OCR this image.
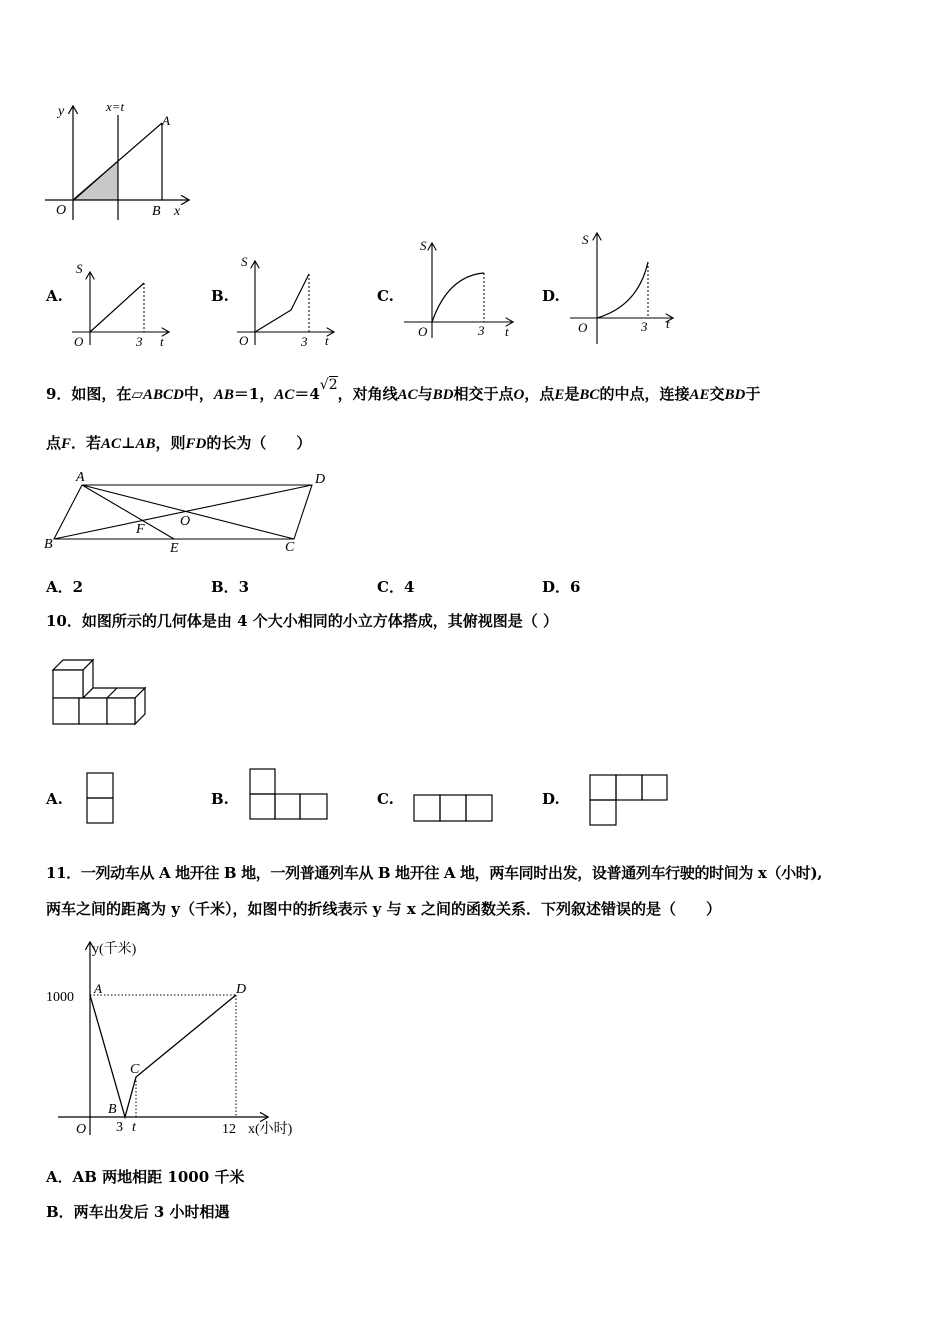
y	x=t
A
O	B x
A.
S
O	3 t
B.
S
O	3 t
C.
S
O	3 t
D.
S
O	3 t
9．如图，在▱ABCD中，AB＝1，AC＝4√2，对角线AC与BD相交于点O，点E是BC的中点，连接AE交BD于
点F．若AC⊥AB，则FD的长为（　　）
A	D
B	C
F
O
E
A．2	B．3	C．4	D．6
10．如图所示的几何体是由 4 个大小相同的小立方体搭成，其俯视图是（ ）
A.	B.	C.	D.
11．一列动车从 A 地开往 B 地，一列普通列车从 B 地开往 A 地，两车同时出发，设普通列车行驶的时间为 x（小时),
两车之间的距离为 y（千米），如图中的折线表示 y 与 x 之间的函数关系．下列叙述错误的是（　　）
y(千米)
1000
A	D
C
B
O 3 t	12 x(小时)
A．AB 两地相距 1000 千米
B．两车出发后 3 小时相遇
